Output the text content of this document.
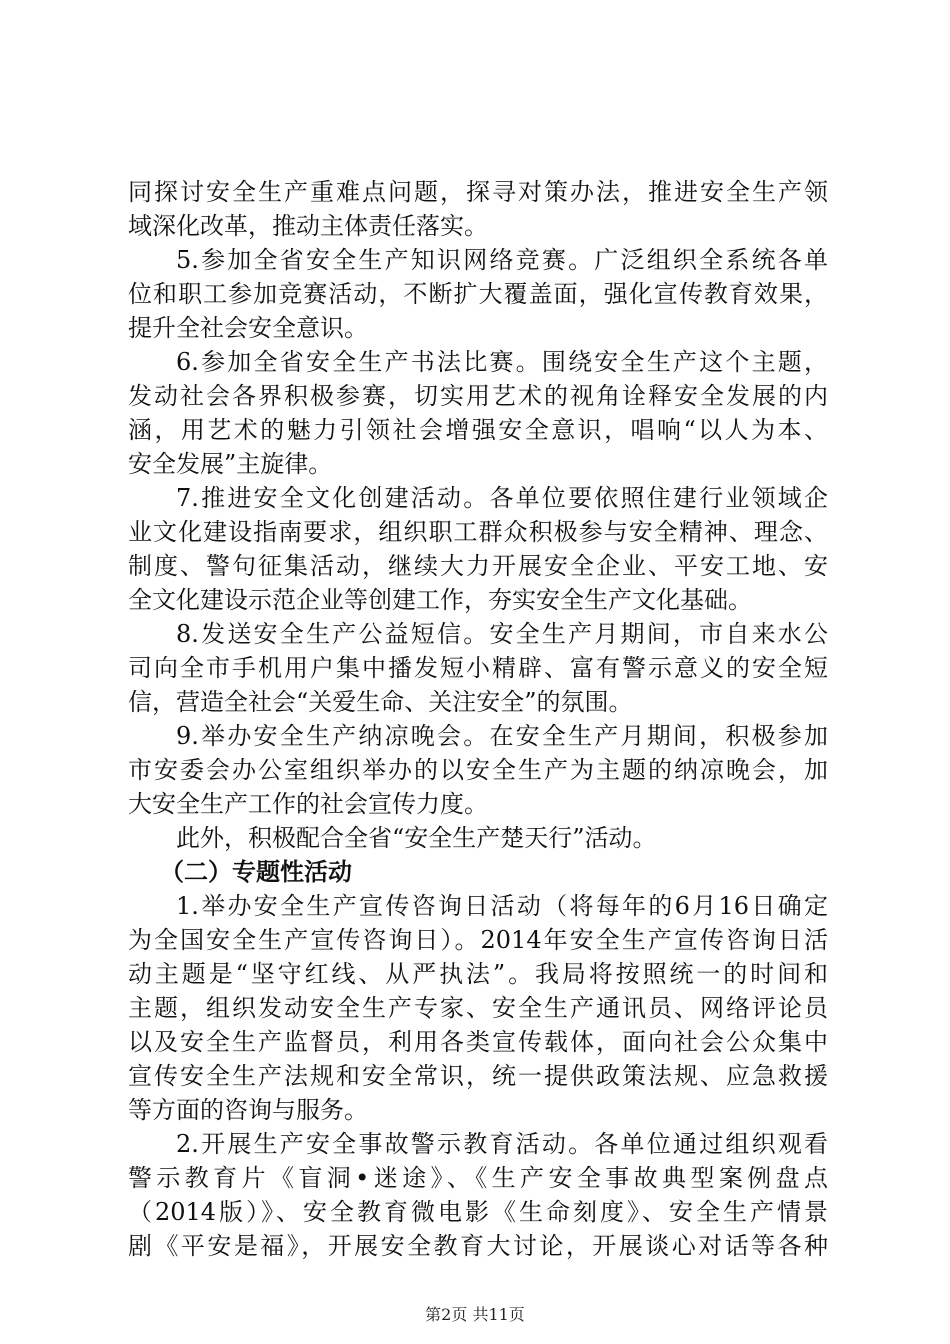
同探讨安全生产重难点问题，探寻对策办法，推进安全生产领
域深化改革，推动主体责任落实。
5.参加全省安全生产知识网络竞赛。广泛组织全系统各单
位和职工参加竞赛活动，不断扩大覆盖面，强化宣传教育效果，
提升全社会安全意识。
6.参加全省安全生产书法比赛。围绕安全生产这个主题，
发动社会各界积极参赛，切实用艺术的视角诠释安全发展的内
涵，用艺术的魅力引领社会增强安全意识，唱响“以人为本、
安全发展”主旋律。
7.推进安全文化创建活动。各单位要依照住建行业领域企
业文化建设指南要求，组织职工群众积极参与安全精神、理念、
制度、警句征集活动，继续大力开展安全企业、平安工地、安
全文化建设示范企业等创建工作，夯实安全生产文化基础。
8.发送安全生产公益短信。安全生产月期间，市自来水公
司向全市手机用户集中播发短小精辟、富有警示意义的安全短
信，营造全社会“关爱生命、关注安全”的氛围。
9.举办安全生产纳凉晚会。在安全生产月期间，积极参加
市安委会办公室组织举办的以安全生产为主题的纳凉晚会，加
大安全生产工作的社会宣传力度。
此外，积极配合全省“安全生产楚天行”活动。
（二）专题性活动
1.举办安全生产宣传咨询日活动（将每年的6月16日确定
为全国安全生产宣传咨询日）。2014年安全生产宣传咨询日活
动主题是“坚守红线、从严执法”。我局将按照统一的时间和
主题，组织发动安全生产专家、安全生产通讯员、网络评论员
以及安全生产监督员，利用各类宣传载体，面向社会公众集中
宣传安全生产法规和安全常识，统一提供政策法规、应急救援
等方面的咨询与服务。
2.开展生产安全事故警示教育活动。各单位通过组织观看
警示教育片《盲洞•迷途》、《生产安全事故典型案例盘点
（2014版）》、安全教育微电影《生命刻度》、安全生产情景
剧《平安是福》，开展安全教育大讨论，开展谈心对话等各种
第2页 共11页
